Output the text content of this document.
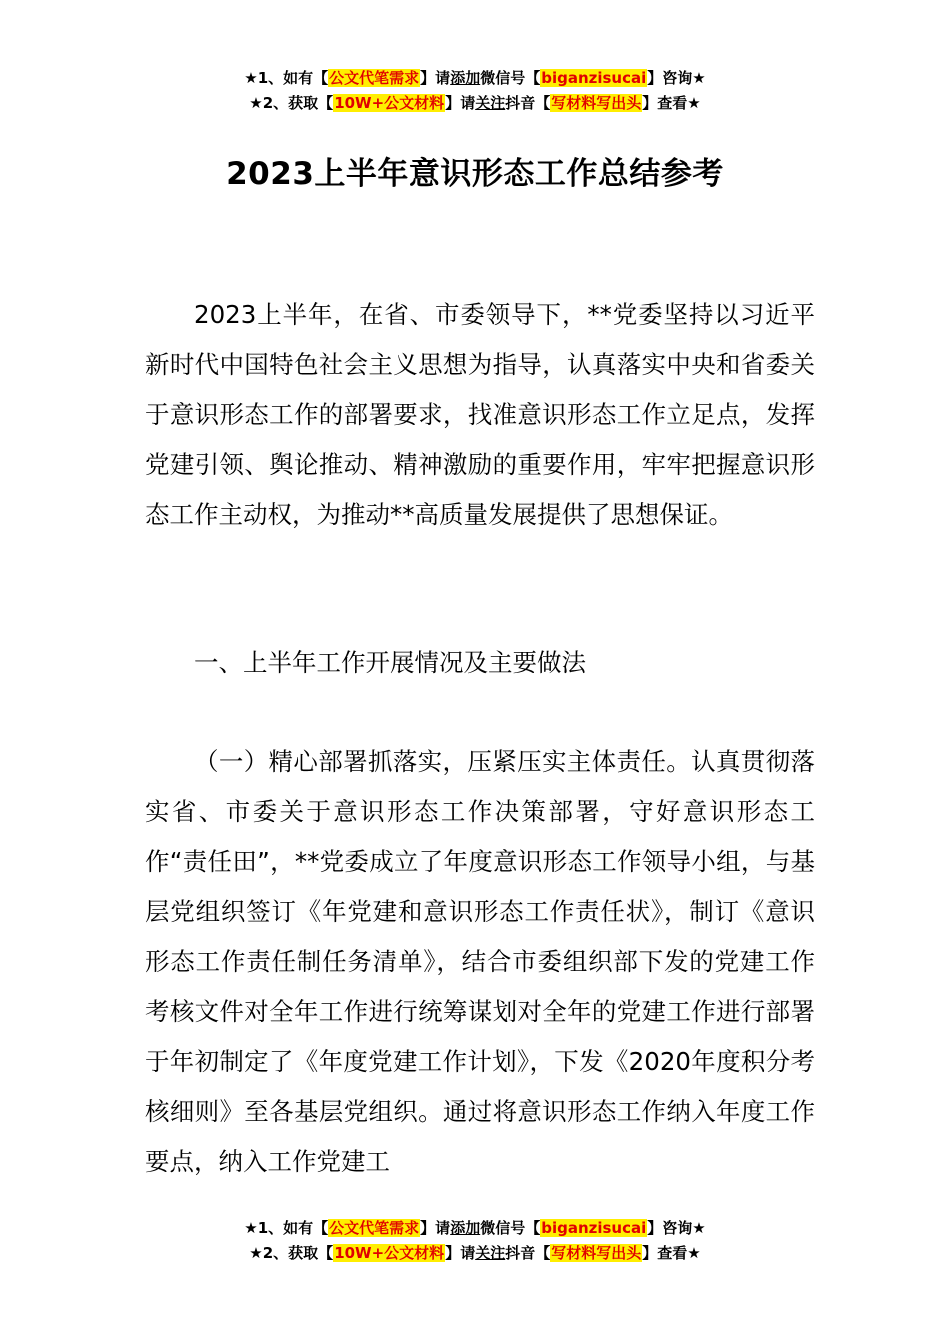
★1、如有【公文代笔需求】请添加微信号【biganzisucai】咨询★
★2、获取【10W+公文材料】请关注抖音【写材料写出头】查看★
2023上半年意识形态工作总结参考

2023上半年，在省、市委领导下，**党委坚持以习近平新时代中国特色社会主义思想为指导，认真落实中央和省委关于意识形态工作的部署要求，找准意识形态工作立足点，发挥党建引领、舆论推动、精神激励的重要作用，牢牢把握意识形态工作主动权，为推动**高质量发展提供了思想保证。

一、上半年工作开展情况及主要做法

（一）精心部署抓落实，压紧压实主体责任。认真贯彻落实省、市委关于意识形态工作决策部署，守好意识形态工作“责任田”，**党委成立了年度意识形态工作领导小组，与基层党组织签订《年党建和意识形态工作责任状》，制订《意识形态工作责任制任务清单》，结合市委组织部下发的党建工作考核文件对全年工作进行统筹谋划对全年的党建工作进行部署于年初制定了《年度党建工作计划》，下发《2020年度积分考核细则》至各基层党组织。通过将意识形态工作纳入年度工作要点，纳入工作党建工

★1、如有【公文代笔需求】请添加微信号【biganzisucai】咨询★
★2、获取【10W+公文材料】请关注抖音【写材料写出头】查看★
